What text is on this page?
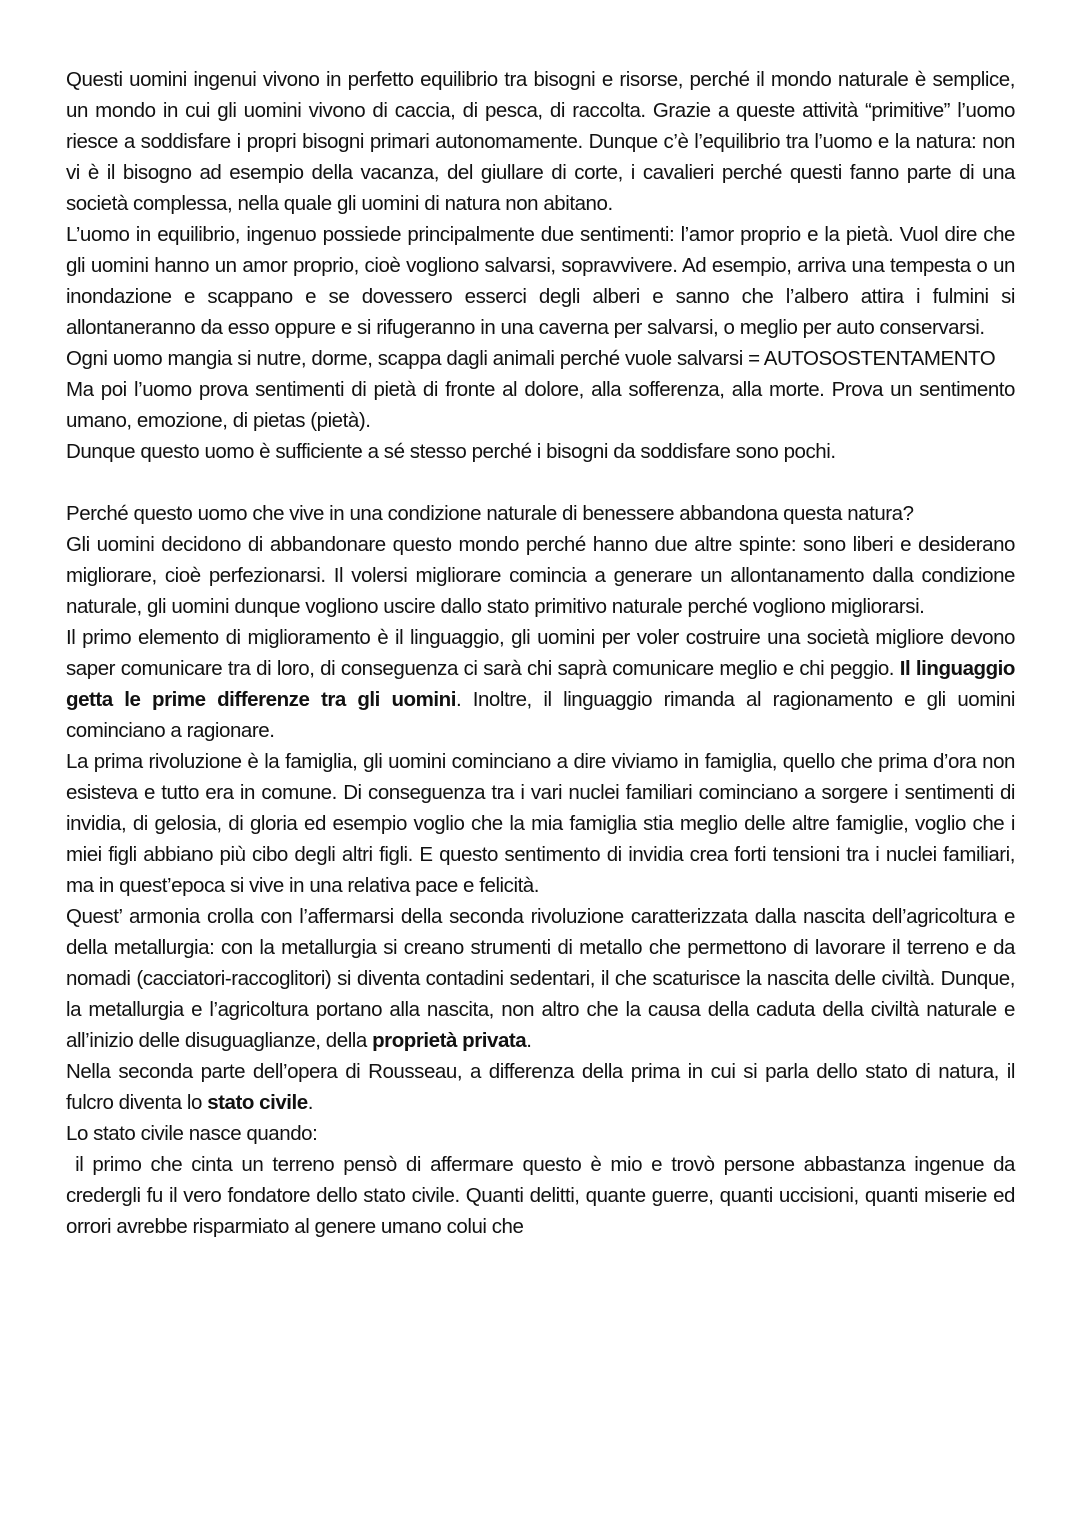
Questi uomini ingenui vivono in perfetto equilibrio tra bisogni e risorse, perché il mondo naturale è semplice, un mondo in cui gli uomini vivono di caccia, di pesca, di raccolta. Grazie a queste attività “primitive” l’uomo riesce a soddisfare i propri bisogni primari autonomamente. Dunque c’è l’equilibrio tra l’uomo e la natura: non vi è il bisogno ad esempio della vacanza, del giullare di corte, i cavalieri perché questi fanno parte di una società complessa, nella quale gli uomini di natura non abitano.

L’uomo in equilibrio, ingenuo possiede principalmente due sentimenti: l’amor proprio e la pietà. Vuol dire che gli uomini hanno un amor proprio, cioè vogliono salvarsi, sopravvivere. Ad esempio, arriva una tempesta o un inondazione e scappano e se dovessero esserci degli alberi e sanno che l’albero attira i fulmini si allontaneranno da esso oppure e si rifugeranno in una caverna per salvarsi, o meglio per auto conservarsi.

Ogni uomo mangia si nutre, dorme, scappa dagli animali perché vuole salvarsi = AUTOSOSTENTAMENTO

Ma poi l’uomo prova sentimenti di pietà di fronte al dolore, alla sofferenza, alla morte. Prova un sentimento umano, emozione, di pietas (pietà).

Dunque questo uomo è sufficiente a sé stesso perché i bisogni da soddisfare sono pochi.

Perché questo uomo che vive in una condizione naturale di benessere abbandona questa natura?

Gli uomini decidono di abbandonare questo mondo perché hanno due altre spinte: sono liberi e desiderano migliorare, cioè perfezionarsi. Il volersi migliorare comincia a generare un allontanamento dalla condizione naturale, gli uomini dunque vogliono uscire dallo stato primitivo naturale perché vogliono migliorarsi.

Il primo elemento di miglioramento è il linguaggio, gli uomini per voler costruire una società migliore devono saper comunicare tra di loro, di conseguenza ci sarà chi saprà comunicare meglio e chi peggio. Il linguaggio getta le prime differenze tra gli uomini. Inoltre, il linguaggio rimanda al ragionamento e gli uomini cominciano a ragionare.

La prima rivoluzione è la famiglia, gli uomini cominciano a dire viviamo in famiglia, quello che prima d’ora non esisteva e tutto era in comune. Di conseguenza tra i vari nuclei familiari cominciano a sorgere i sentimenti di invidia, di gelosia, di gloria ed esempio voglio che la mia famiglia stia meglio delle altre famiglie, voglio che i miei figli abbiano più cibo degli altri figli. E questo sentimento di invidia crea forti tensioni tra i nuclei familiari, ma in quest’epoca si vive in una relativa pace e felicità.

Quest’ armonia crolla con l’affermarsi della seconda rivoluzione caratterizzata dalla nascita dell’agricoltura e della metallurgia: con la metallurgia si creano strumenti di metallo che permettono di lavorare il terreno e da nomadi (cacciatori-raccoglitori) si diventa contadini sedentari, il che scaturisce la nascita delle civiltà. Dunque, la metallurgia e l’agricoltura portano alla nascita, non altro che la causa della caduta della civiltà naturale e all’inizio delle disuguaglianze, della proprietà privata.

Nella seconda parte dell’opera di Rousseau, a differenza della prima in cui si parla dello stato di natura, il fulcro diventa lo stato civile.

Lo stato civile nasce quando:

il primo che cinta un terreno pensò di affermare questo è mio e trovò persone abbastanza ingenue da credergli fu il vero fondatore dello stato civile. Quanti delitti, quante guerre, quanti uccisioni, quanti miserie ed orrori avrebbe risparmiato al genere umano colui che
